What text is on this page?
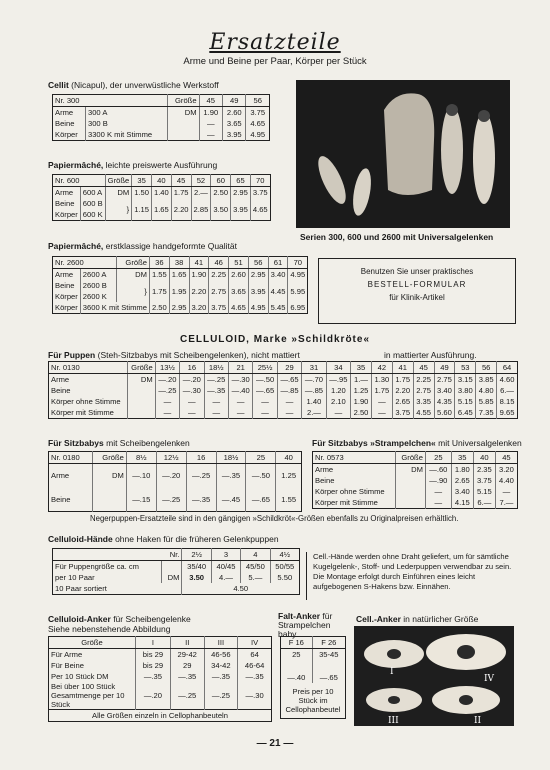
Ersatzteile
Arme und Beine per Paar, Körper per Stück
Cellit (Nicapul), der unverwüstliche Werkstoff
Nr. 300		Größe	45	49	56
Arme	300 A	DM	1.90	2.60	3.75
Beine	300 B		—	3.65	4.65
Körper	3300 K mit Stimme		—	3.95	4.95
Papiermâché, leichte preiswerte Ausführung
Nr. 600		Größe	35	40	45	52	60	65	70
Arme	600 A	DM	1.50	1.40	1.75	2.—	2.50	2.95	3.75
Beine	600 B	}	1.15	1.65	2.20	2.85	3.50	3.95	4.65
Körper	600 K								
Papiermâché, erstklassige handgeformte Qualität
Nr. 2600		Größe	36	38	41	46	51	56	61	70
Arme	2600 A	DM	1.55	1.65	1.90	2.25	2.60	2.95	3.40	4.95
Beine	2600 B	}	1.75	1.95	2.20	2.75	3.65	3.95	4.45	5.95
Körper	2600 K									
Körper	3600 K mit Stimme		2.50	2.95	3.20	3.75	4.65	4.95	5.45	6.95
Serien 300, 600 und 2600 mit Universalgelenken
Benutzen Sie unser praktisches
BESTELL-FORMULAR
für Klinik-Artikel
CELLULOID, Marke »Schildkröte«
Für Puppen (Steh-Sitzbabys mit Scheibengelenken), nicht mattiert	in mattierter Ausführung.
Nr. 0130	Größe	13½	16	18½	21	25½	29	31	34	35	42	41	45	49	53	56	64
Arme	DM	—.20	—.20	—.25	—.30	—.50	—.65	—.70	—.95	1.—	1.30	1.75	2.25	2.75	3.15	3.85	4.60
Beine		—.25	—.30	—.35	—.40	—.65	—.85	—.85	1.20	1.25	1.75	2.20	2.75	3.40	3.80	4.80	6.—
Körper ohne Stimme		—	—	—	—	—	—	1.40	2.10	1.90	—	2.65	3.35	4.35	5.15	5.85	8.15
Körper mit Stimme		—	—	—	—	—	—	2.—	—	2.50	—	3.75	4.55	5.60	6.45	7.35	9.65
Für Sitzbabys mit Scheibengelenken
Nr. 0180	Größe	8½	12½	16	18½	25	40
Arme	DM	—.10	—.20	—.25	—.35	—.50	1.25
Beine		—.15	—.25	—.35	—.45	—.65	1.55
Für Sitzbabys »Strampelchen« mit Universalgelenken
Nr. 0573	Größe	25	35	40	45
Arme	DM	—.60	1.80	2.35	3.20
Beine		—.90	2.65	3.75	4.40
Körper ohne Stimme		—	3.40	5.15	—
Körper mit Stimme		—	4.15	6.—	7.—
Negerpuppen-Ersatzteile sind in den gängigen »Schildkröt«-Größen ebenfalls zu Originalpreisen erhältlich.
Celluloid-Hände ohne Haken für die früheren Gelenkpuppen
Nr.		2½	3	4	4½
Für Puppengröße ca. cm		35/40	40/45	45/50	50/55
per 10 Paar	DM	3.50	4.—	5.—	5.50
10 Paar sortiert		4.50			
Cell.-Hände werden ohne Draht geliefert, um für sämtliche Kugelgelenk-, Stoff- und Lederpuppen verwendbar zu sein. Die Montage erfolgt durch Einführen eines leicht aufgebogenen S-Hakens bzw. Einnähen.
Celluloid-Anker für Scheibengelenke
Siehe nebenstehende Abbildung
Größe	I	II	III	IV
Für Arme	bis 29	29-42	46-56	64
Für Beine	bis 29	29	34-42	46-64
Per 10 Stück DM	—.35	—.35	—.35	—.35
Bei über 100 Stück Gesamtmenge per 10 Stück	—.20	—.25	—.25	—.30
Alle Größen einzeln in Cellophanbeuteln				
Falt-Anker für Strampelchen
baby
F 16	F 26
25	35-45
—.40	—.65
Preis per 10 Stück im Cellophanbeutel	
Cell.-Anker in natürlicher Größe
I
IV
III	II
— 21 —
